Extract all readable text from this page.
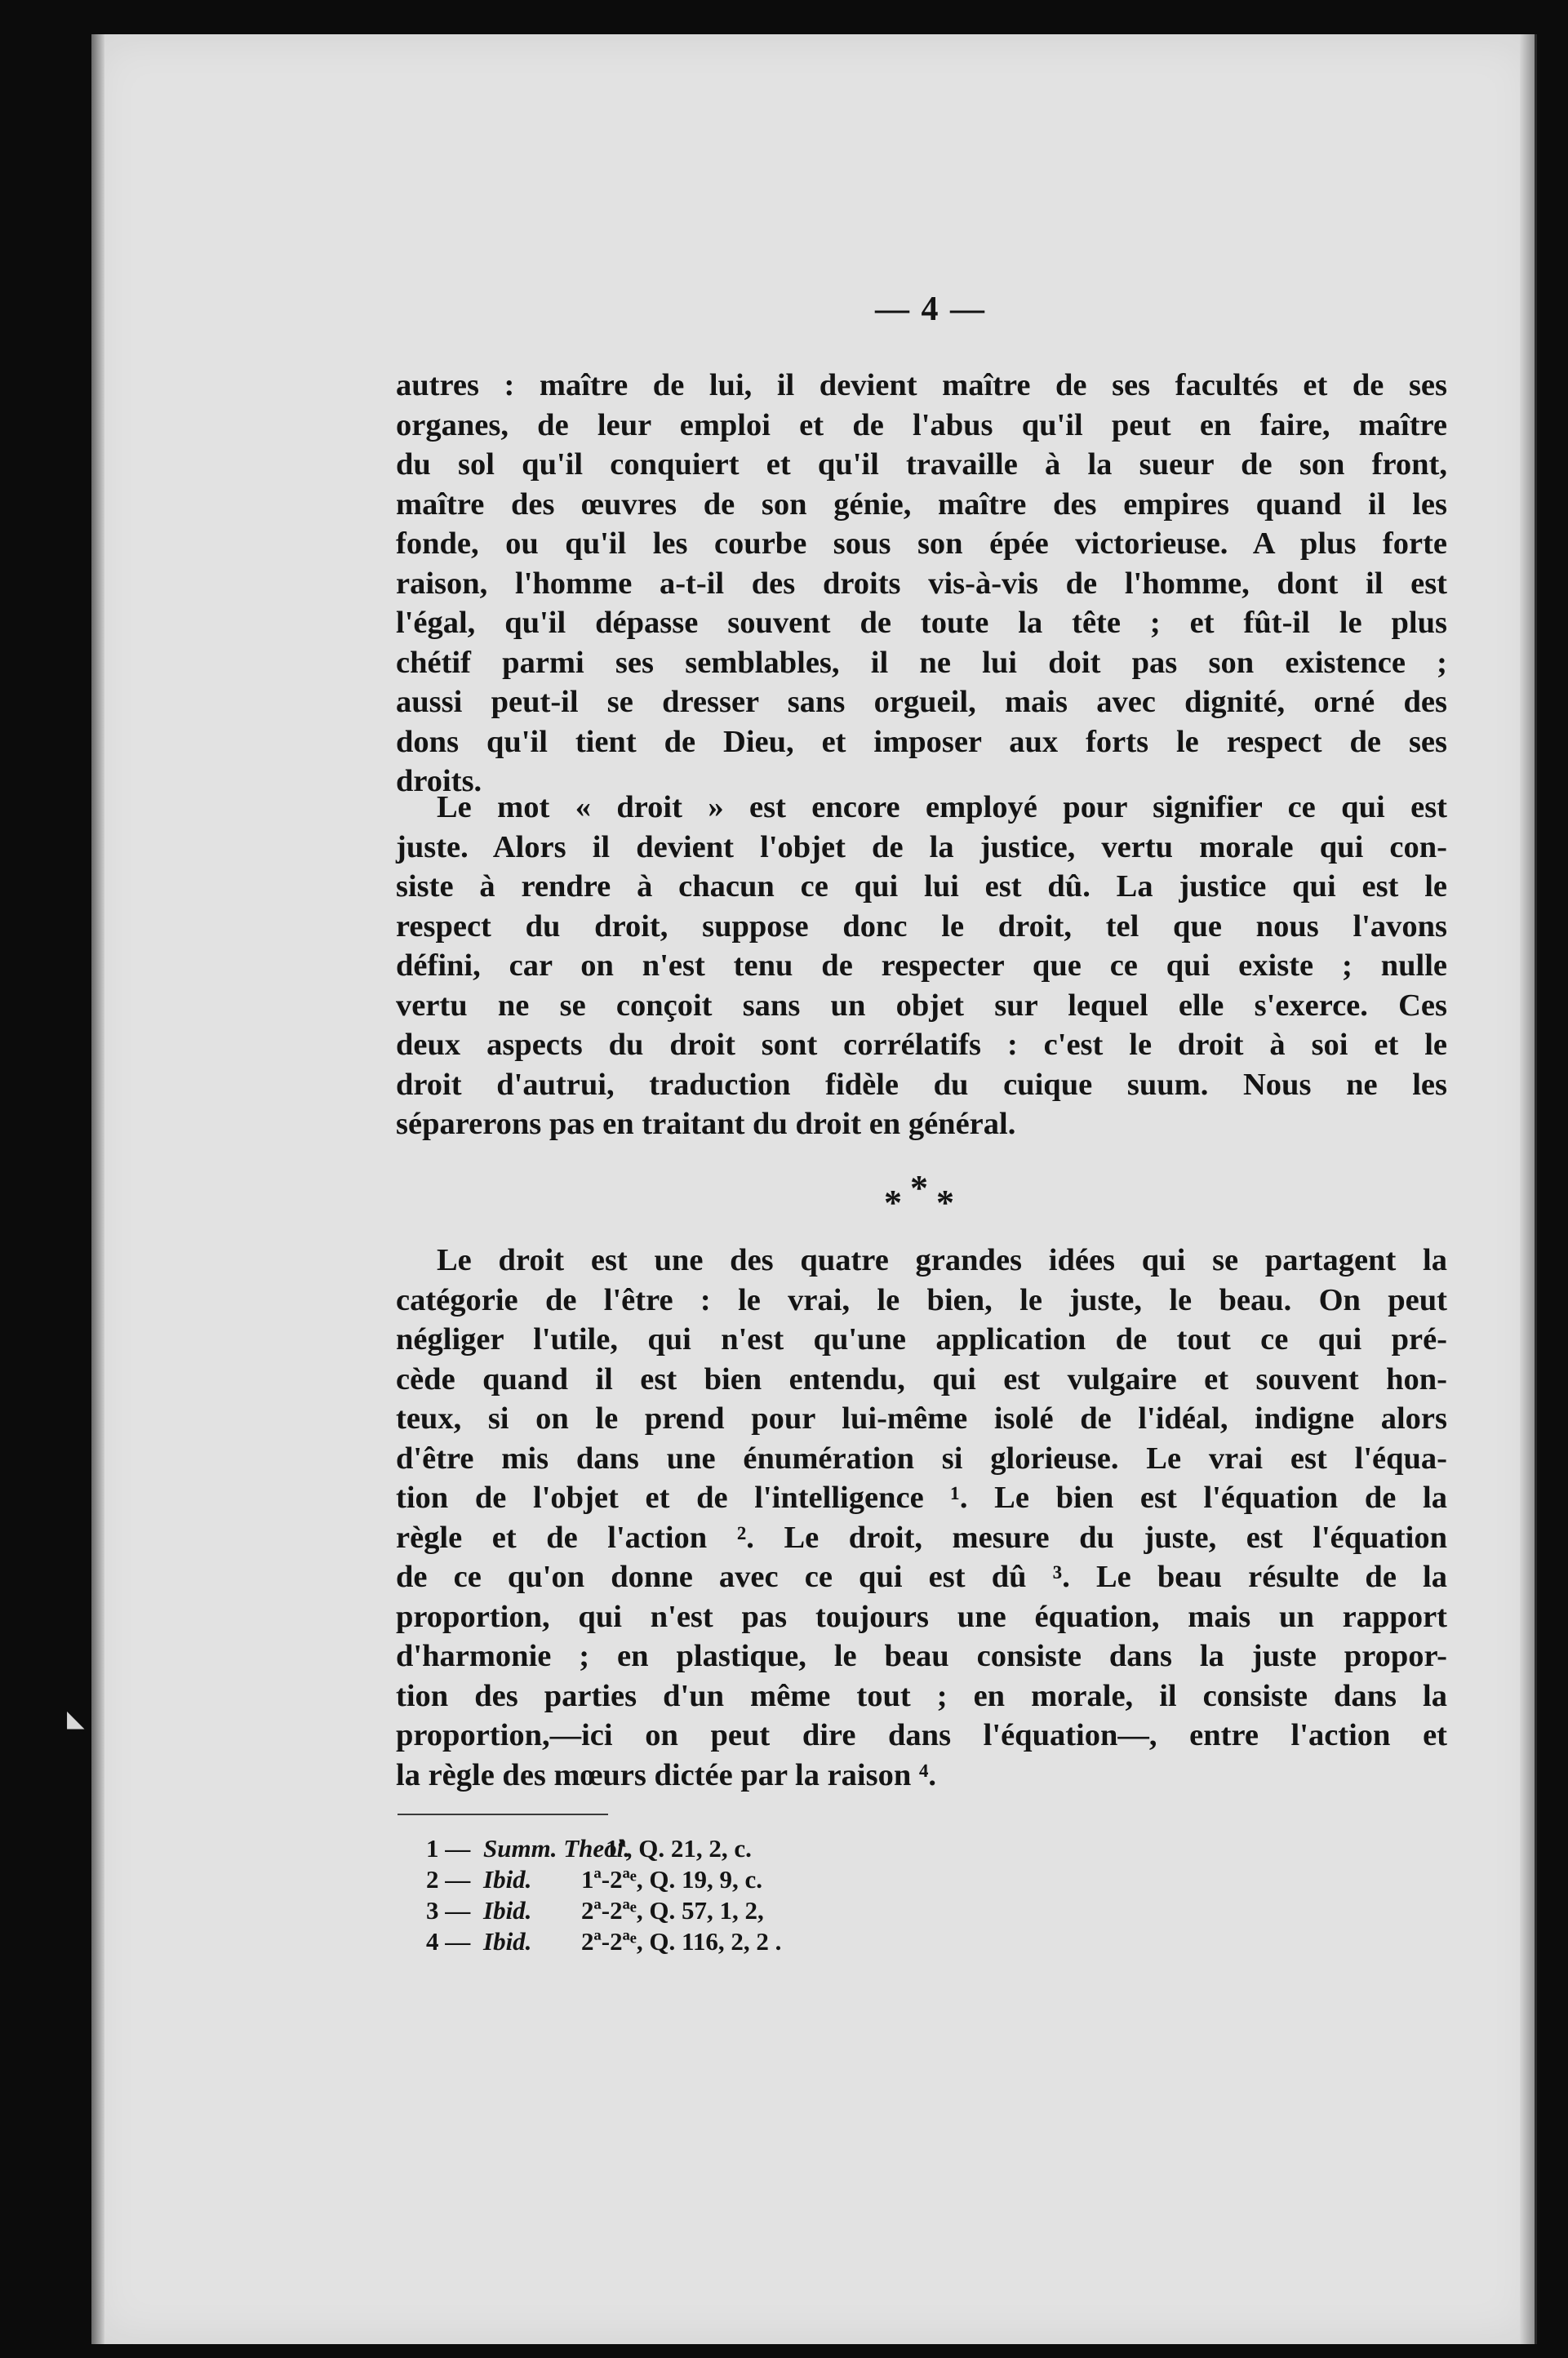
◣
— 4 —
autres : maître de lui, il devient maître de ses facultés et de ses
organes, de leur emploi et de l'abus qu'il peut en faire, maître
du sol qu'il conquiert et qu'il travaille à la sueur de son front,
maître des œuvres de son génie, maître des empires quand il les
fonde, ou qu'il les courbe sous son épée victorieuse. A plus forte
raison, l'homme a-t-il des droits vis-à-vis de l'homme, dont il est
l'égal, qu'il dépasse souvent de toute la tête ; et fût-il le plus
chétif parmi ses semblables, il ne lui doit pas son existence ;
aussi peut-il se dresser sans orgueil, mais avec dignité, orné des
dons qu'il tient de Dieu, et imposer aux forts le respect de ses
droits.
Le mot « droit » est encore employé pour signifier ce qui est
juste. Alors il devient l'objet de la justice, vertu morale qui con-
siste à rendre à chacun ce qui lui est dû. La justice qui est le
respect du droit, suppose donc le droit, tel que nous l'avons
défini, car on n'est tenu de respecter que ce qui existe ; nulle
vertu ne se conçoit sans un objet sur lequel elle s'exerce. Ces
deux aspects du droit sont corrélatifs : c'est le droit à soi et le
droit d'autrui, traduction fidèle du cuique suum. Nous ne les
séparerons pas en traitant du droit en général.
* * *
Le droit est une des quatre grandes idées qui se partagent la
catégorie de l'être : le vrai, le bien, le juste, le beau. On peut
négliger l'utile, qui n'est qu'une application de tout ce qui pré-
cède quand il est bien entendu, qui est vulgaire et souvent hon-
teux, si on le prend pour lui-même isolé de l'idéal, indigne alors
d'être mis dans une énumération si glorieuse. Le vrai est l'équa-
tion de l'objet et de l'intelligence ¹. Le bien est l'équation de la
règle et de l'action ². Le droit, mesure du juste, est l'équation
de ce qu'on donne avec ce qui est dû ³. Le beau résulte de la
proportion, qui n'est pas toujours une équation, mais un rapport
d'harmonie ; en plastique, le beau consiste dans la juste propor-
tion des parties d'un même tout ; en morale, il consiste dans la
proportion,—ici on peut dire dans l'équation—, entre l'action et
la règle des mœurs dictée par la raison ⁴.
1 — Summ. Theol.1ª, Q. 21, 2, c.
2 — Ibid. 1ª-2ªᵉ, Q. 19, 9, c.
3 — Ibid. 2ª-2ªᵉ, Q. 57, 1, 2,
4 — Ibid. 2ª-2ªᵉ, Q. 116, 2, 2 .
